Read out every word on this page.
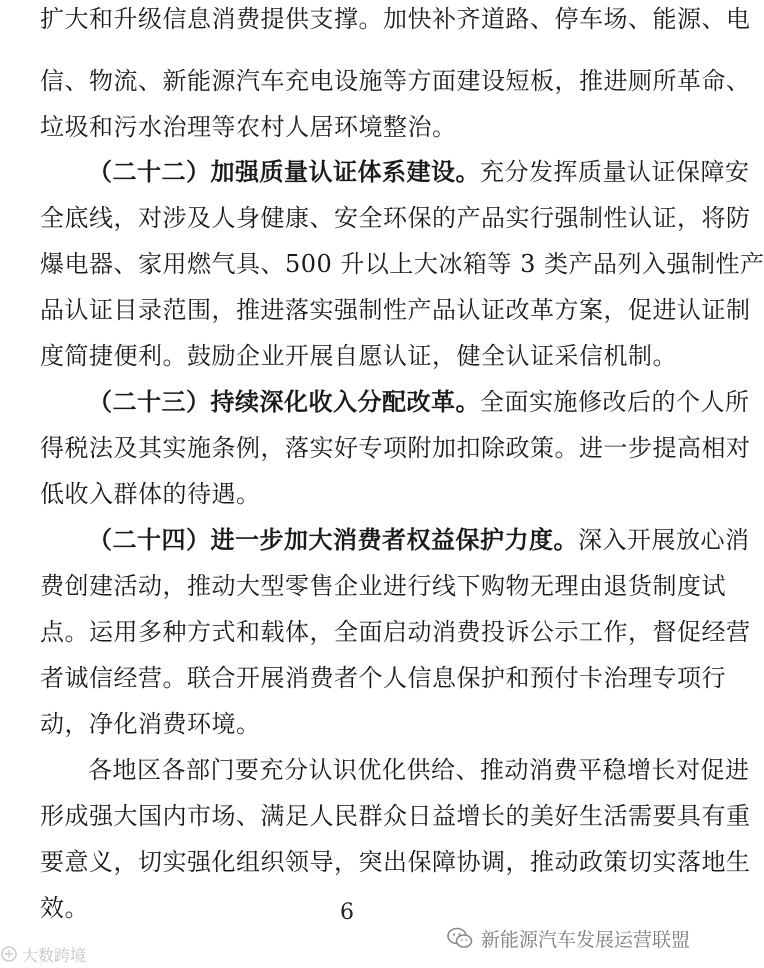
扩大和升级信息消费提供支撑。加快补齐道路、停车场、能源、电
信、物流、新能源汽车充电设施等方面建设短板，推进厕所革命、
垃圾和污水治理等农村人居环境整治。
（二十二）加强质量认证体系建设。充分发挥质量认证保障安
全底线，对涉及人身健康、安全环保的产品实行强制性认证，将防
爆电器、家用燃气具、500 升以上大冰箱等 3 类产品列入强制性产
品认证目录范围，推进落实强制性产品认证改革方案，促进认证制
度简捷便利。鼓励企业开展自愿认证，健全认证采信机制。
（二十三）持续深化收入分配改革。全面实施修改后的个人所
得税法及其实施条例，落实好专项附加扣除政策。进一步提高相对
低收入群体的待遇。
（二十四）进一步加大消费者权益保护力度。深入开展放心消
费创建活动，推动大型零售企业进行线下购物无理由退货制度试
点。运用多种方式和载体，全面启动消费投诉公示工作，督促经营
者诚信经营。联合开展消费者个人信息保护和预付卡治理专项行
动，净化消费环境。
各地区各部门要充分认识优化供给、推动消费平稳增长对促进
形成强大国内市场、满足人民群众日益增长的美好生活需要具有重
要意义，切实强化组织领导，突出保障协调，推动政策切实落地生
效。	6
大数跨境
新能源汽车发展运营联盟
